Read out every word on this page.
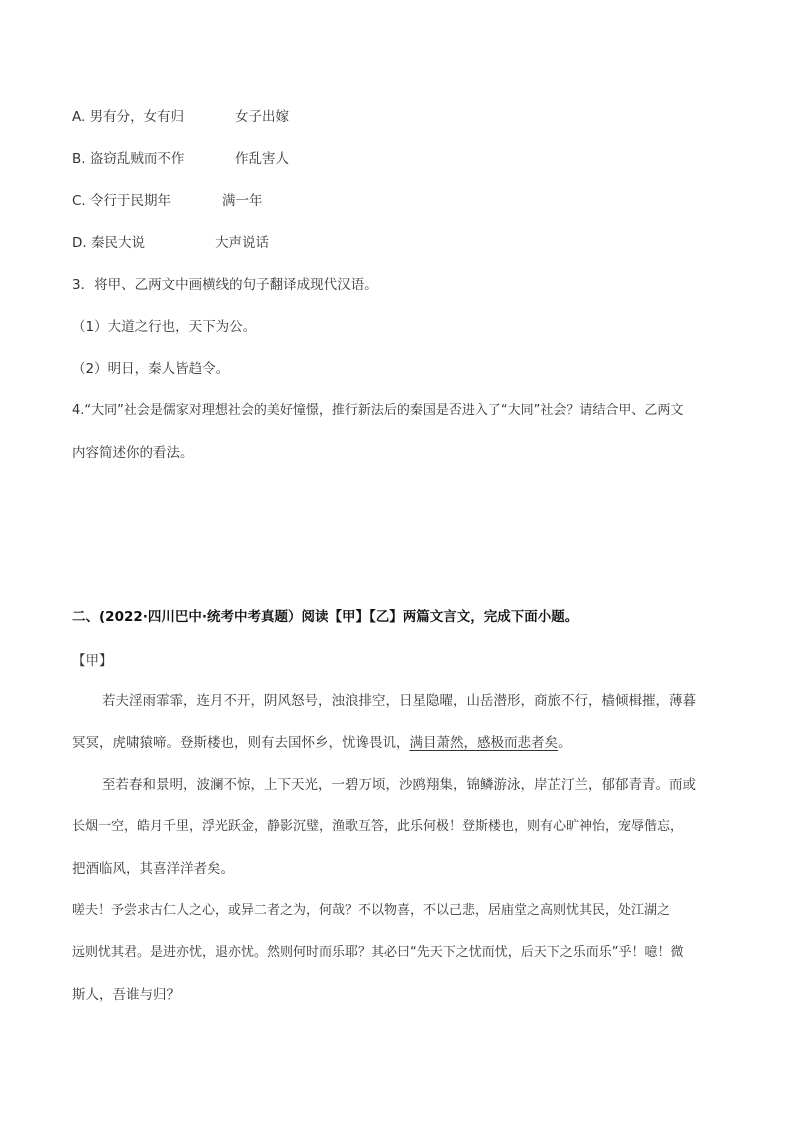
A. 男有分，女有归	女子出嫁
B. 盗窃乱贼而不作	作乱害人
C. 令行于民期年	满一年
D. 秦民大说	大声说话
3．将甲、乙两文中画横线的句子翻译成现代汉语。
（1）大道之行也，天下为公。
（2）明日，秦人皆趋令。
4.“大同”社会是儒家对理想社会的美好憧憬，推行新法后的秦国是否进入了“大同”社会？请结合甲、乙两文
内容简述你的看法。
二、(2022·四川巴中·统考中考真题）阅读【甲】【乙】两篇文言文，完成下面小题。
【甲】
若夫淫雨霏霏，连月不开，阴风怒号，浊浪排空，日星隐曜，山岳潜形，商旅不行，樯倾楫摧，薄暮
冥冥，虎啸猿啼。登斯楼也，则有去国怀乡，忧谗畏讥，满目萧然，感极而悲者矣。
至若春和景明，波澜不惊，上下天光，一碧万顷，沙鸥翔集，锦鳞游泳，岸芷汀兰，郁郁青青。而或
长烟一空，皓月千里，浮光跃金，静影沉璧，渔歌互答，此乐何极！登斯楼也，则有心旷神怡，宠辱偕忘，
把酒临风，其喜洋洋者矣。
嗟夫！予尝求古仁人之心，或异二者之为，何哉？不以物喜，不以己悲，居庙堂之高则忧其民，处江湖之
远则忧其君。是进亦忧，退亦忧。然则何时而乐耶？其必曰“先天下之忧而忧，后天下之乐而乐”乎！噫！微
斯人，吾谁与归？
